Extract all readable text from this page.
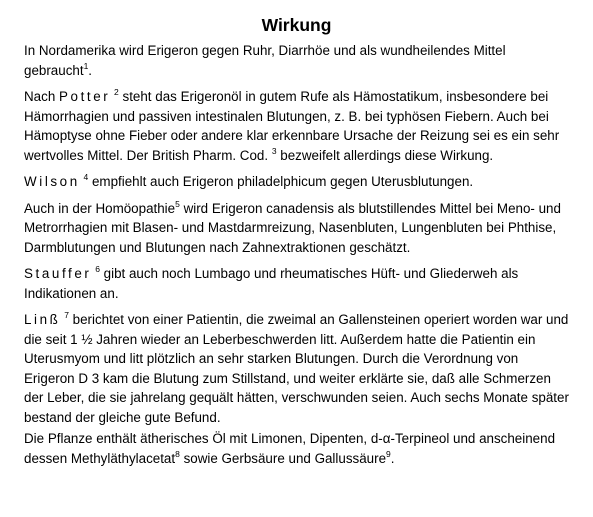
Wirkung

In Nordamerika wird Erigeron gegen Ruhr, Diarrhöe und als wundheilendes Mittel gebraucht$^1$.

Nach Potter $^2$ steht das Erigeronöl in gutem Rufe als Hämostatikum, insbesondere bei Hämorrhagien und passiven intestinalen Blutungen, z. B. bei typhösen Fiebern. Auch bei Hämoptyse ohne Fieber oder andere klar erkennbare Ursache der Reizung sei es ein sehr wertvolles Mittel. Der British Pharm. Cod. $^3$ bezweifelt allerdings diese Wirkung.

Wilson $^4$ empfiehlt auch Erigeron philadelphicum gegen Uterusblutungen.

Auch in der Homöopathie$^5$ wird Erigeron canadensis als blutstillendes Mittel bei Meno- und Metrorrhagien mit Blasen- und Mastdarmreizung, Nasenbluten, Lungenbluten bei Phthise, Darmblutungen und Blutungen nach Zahnextraktionen geschätzt.

Stauffer $^6$ gibt auch noch Lumbago und rheumatisches Hüft- und Gliederweh als Indikationen an.

Linß $^7$ berichtet von einer Patientin, die zweimal an Gallensteinen operiert worden war und die seit 1 ½ Jahren wieder an Leberbeschwerden litt. Außerdem hatte die Patientin ein Uterusmyom und litt plötzlich an sehr starken Blutungen. Durch die Verordnung von Erigeron D 3 kam die Blutung zum Stillstand, und weiter erklärte sie, daß alle Schmerzen der Leber, die sie jahrelang gequält hätten, verschwunden seien. Auch sechs Monate später bestand der gleiche gute Befund.

Die Pflanze enthält ätherisches Öl mit Limonen, Dipenten, d-α-Terpineol und anscheinend dessen Methyläthylacetat$^8$ sowie Gerbsäure und Gallussäure$^9$.
